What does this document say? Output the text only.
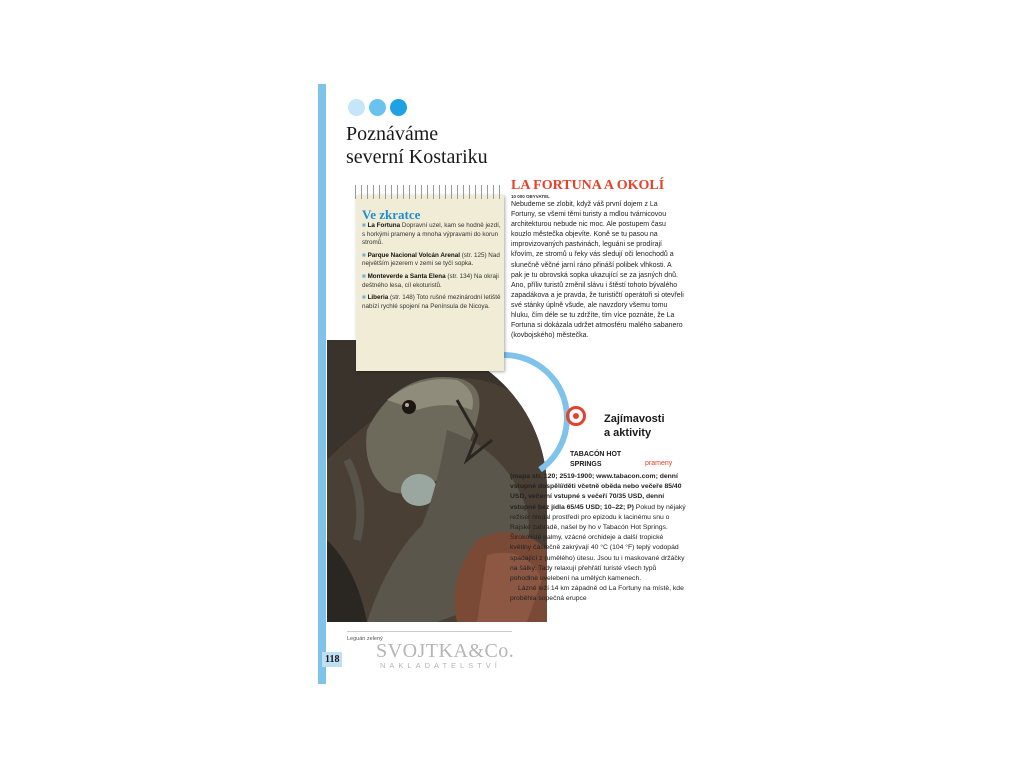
Poznáváme
severní Kostariku
Ve zkratce
■ La Fortuna Dopravní uzel, kam se hodně jezdí, s horkými prameny a mnoha výpravami do korun stromů.
■ Parque Nacional Volcán Arenal (str. 125) Nad největším jezerem v zemi se tyčí sopka.
■ Monteverde a Santa Elena (str. 134) Na okraji deštného lesa, cíl ekoturistů.
■ Liberia (str. 148) Toto rušné mezinárodní letiště nabízí rychlé spojení na Península de Nicoya.
Leguán zelený
118 SVOJTKA&Co.
NAKLADATELSTVÍ
LA FORTUNA A OKOLÍ
10 000 OBYVATEL
Nebudeme se zlobit, když váš první dojem z La Fortuny, se všemi těmi turisty a mdlou tvárnicovou architekturou nebude nic moc. Ale postupem času kouzlo městečka objevíte. Koně se tu pasou na improvizovaných pastvinách, leguáni se prodírají křovím, ze stromů u řeky vás sledují oči lenochodů a slunečně věčné jarní ráno přináší polibek vlhkosti. A pak je tu obrovská sopka ukazující se za jasných dnů. Ano, příliv turistů změnil slávu i štěstí tohoto bývalého zapadákova a je pravda, že turističtí operátoři si otevřeli své stánky úplně všude, ale navzdory všemu tomu hluku, čím déle se tu zdržíte, tím více poznáte, že La Fortuna si dokázala udržet atmosféru malého sabanero (kovbojského) městečka.
Zajímavosti
a aktivity
TABACÓN HOT SPRINGS	prameny
(mapa str. 120; 2519-1900; www.tabacon.com; denní vstupné dospělí/děti včetně oběda nebo večeře 85/40 USD, večerní vstupné s večeří 70/35 USD, denní vstupné bez jídla 65/45 USD; 10–22; P) Pokud by nějaký režisér hledal prostředí pro epizodu k lacinému snu o Rajské zahradě, našel by ho v Tabacón Hot Springs. Širokolisté palmy, vzácné orchideje a další tropické květiny částečně zakrývají 40 °C (104 °F) teplý vodopád spadající z (umělého) útesu. Jsou tu i maskované držáčky na šálky. Tady relaxují přehřátí turisté všech typů pohodlně uvelebení na umělých kamenech.
Lázně leží 14 km západně od La Fortuny na místě, kde proběhla sopečná erupce
